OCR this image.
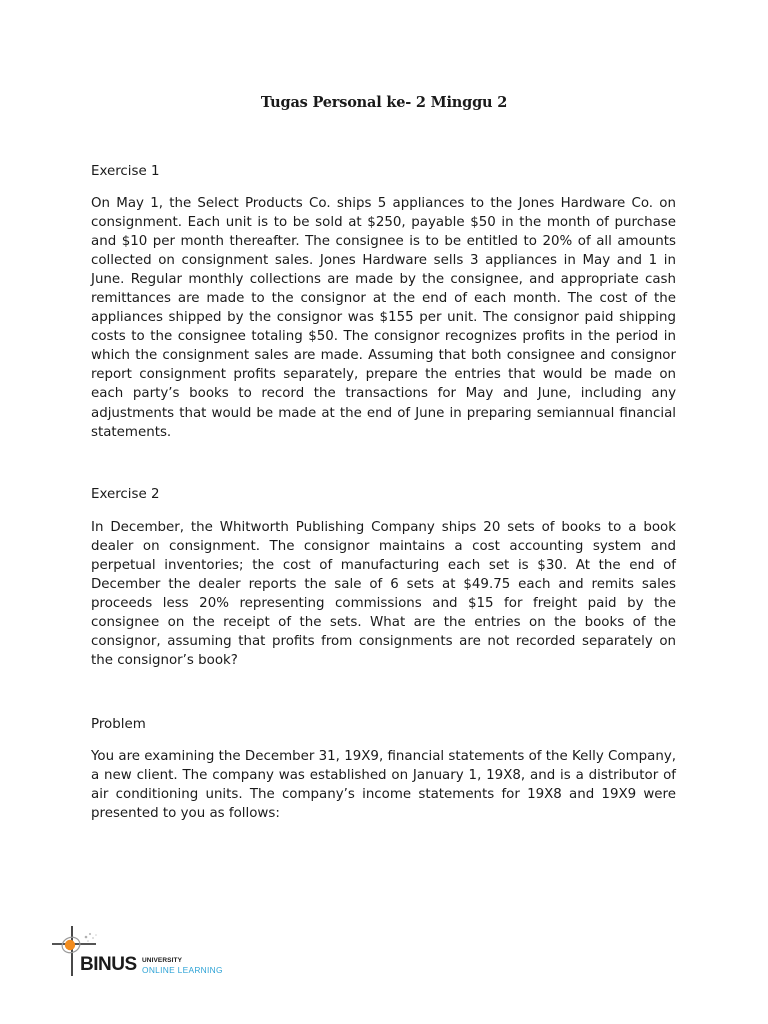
Tugas Personal ke- 2 Minggu 2
Exercise 1

On May 1, the Select Products Co. ships 5 appliances to the Jones Hardware Co. on consignment. Each unit is to be sold at $250, payable $50 in the month of purchase and $10 per month thereafter. The consignee is to be entitled to 20% of all amounts collected on consignment sales. Jones Hardware sells 3 appliances in May and 1 in June. Regular monthly collections are made by the consignee, and appropriate cash remittances are made to the consignor at the end of each month. The cost of the appliances shipped by the consignor was $155 per unit. The consignor paid shipping costs to the consignee totaling $50. The consignor recognizes profits in the period in which the consignment sales are made. Assuming that both consignee and consignor report consignment profits separately, prepare the entries that would be made on each party’s books to record the transactions for May and June, including any adjustments that would be made at the end of June in preparing semiannual financial statements.

Exercise 2

In December, the Whitworth Publishing Company ships 20 sets of books to a book dealer on consignment. The consignor maintains a cost accounting system and perpetual inventories; the cost of manufacturing each set is $30. At the end of December the dealer reports the sale of 6 sets at $49.75 each and remits sales proceeds less 20% representing commissions and $15 for freight paid by the consignee on the receipt of the sets. What are the entries on the books of the consignor, assuming that profits from consignments are not recorded separately on the consignor’s book?

Problem

You are examining the December 31, 19X9, financial statements of the Kelly Company, a new client. The company was established on January 1, 19X8, and is a distributor of air conditioning units. The company’s income statements for 19X8 and 19X9 were presented to you as follows:

BINUS UNIVERSITY
ONLINE LEARNING
